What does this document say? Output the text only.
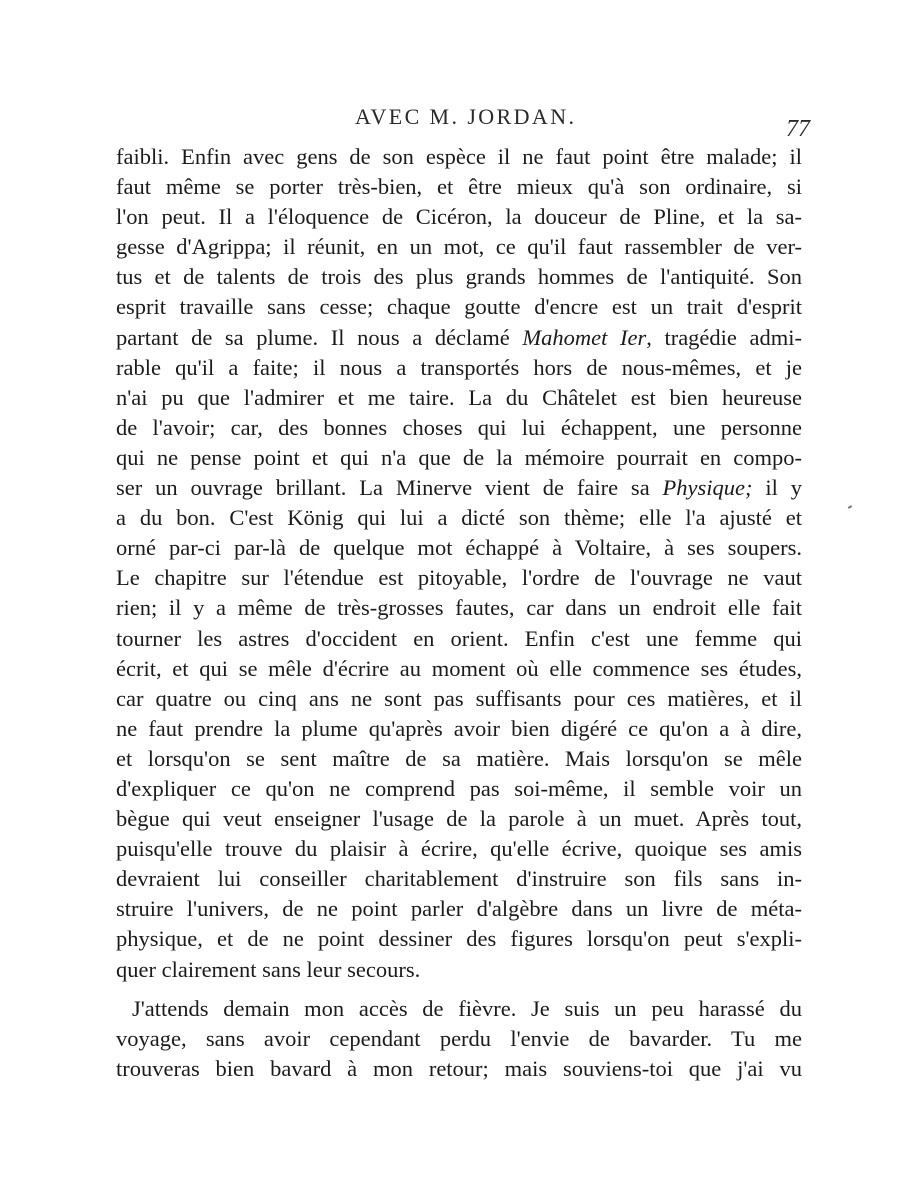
AVEC M. JORDAN.	77
faibli. Enfin avec gens de son espèce il ne faut point être malade; il
faut même se porter très-bien, et être mieux qu'à son ordinaire, si
l'on peut. Il a l'éloquence de Cicéron, la douceur de Pline, et la sa-
gesse d'Agrippa; il réunit, en un mot, ce qu'il faut rassembler de ver-
tus et de talents de trois des plus grands hommes de l'antiquité. Son
esprit travaille sans cesse; chaque goutte d'encre est un trait d'esprit
partant de sa plume. Il nous a déclamé Mahomet Ier, tragédie admi-
rable qu'il a faite; il nous a transportés hors de nous-mêmes, et je
n'ai pu que l'admirer et me taire. La du Châtelet est bien heureuse
de l'avoir; car, des bonnes choses qui lui échappent, une personne
qui ne pense point et qui n'a que de la mémoire pourrait en compo-
ser un ouvrage brillant. La Minerve vient de faire sa Physique; il y
a du bon. C'est König qui lui a dicté son thème; elle l'a ajusté et
orné par-ci par-là de quelque mot échappé à Voltaire, à ses soupers.
Le chapitre sur l'étendue est pitoyable, l'ordre de l'ouvrage ne vaut
rien; il y a même de très-grosses fautes, car dans un endroit elle fait
tourner les astres d'occident en orient. Enfin c'est une femme qui
écrit, et qui se mêle d'écrire au moment où elle commence ses études,
car quatre ou cinq ans ne sont pas suffisants pour ces matières, et il
ne faut prendre la plume qu'après avoir bien digéré ce qu'on a à dire,
et lorsqu'on se sent maître de sa matière. Mais lorsqu'on se mêle
d'expliquer ce qu'on ne comprend pas soi-même, il semble voir un
bègue qui veut enseigner l'usage de la parole à un muet. Après tout,
puisqu'elle trouve du plaisir à écrire, qu'elle écrive, quoique ses amis
devraient lui conseiller charitablement d'instruire son fils sans in-
struire l'univers, de ne point parler d'algèbre dans un livre de méta-
physique, et de ne point dessiner des figures lorsqu'on peut s'expli-
quer clairement sans leur secours.
J'attends demain mon accès de fièvre. Je suis un peu harassé du
voyage, sans avoir cependant perdu l'envie de bavarder. Tu me
trouveras bien bavard à mon retour; mais souviens-toi que j'ai vu
